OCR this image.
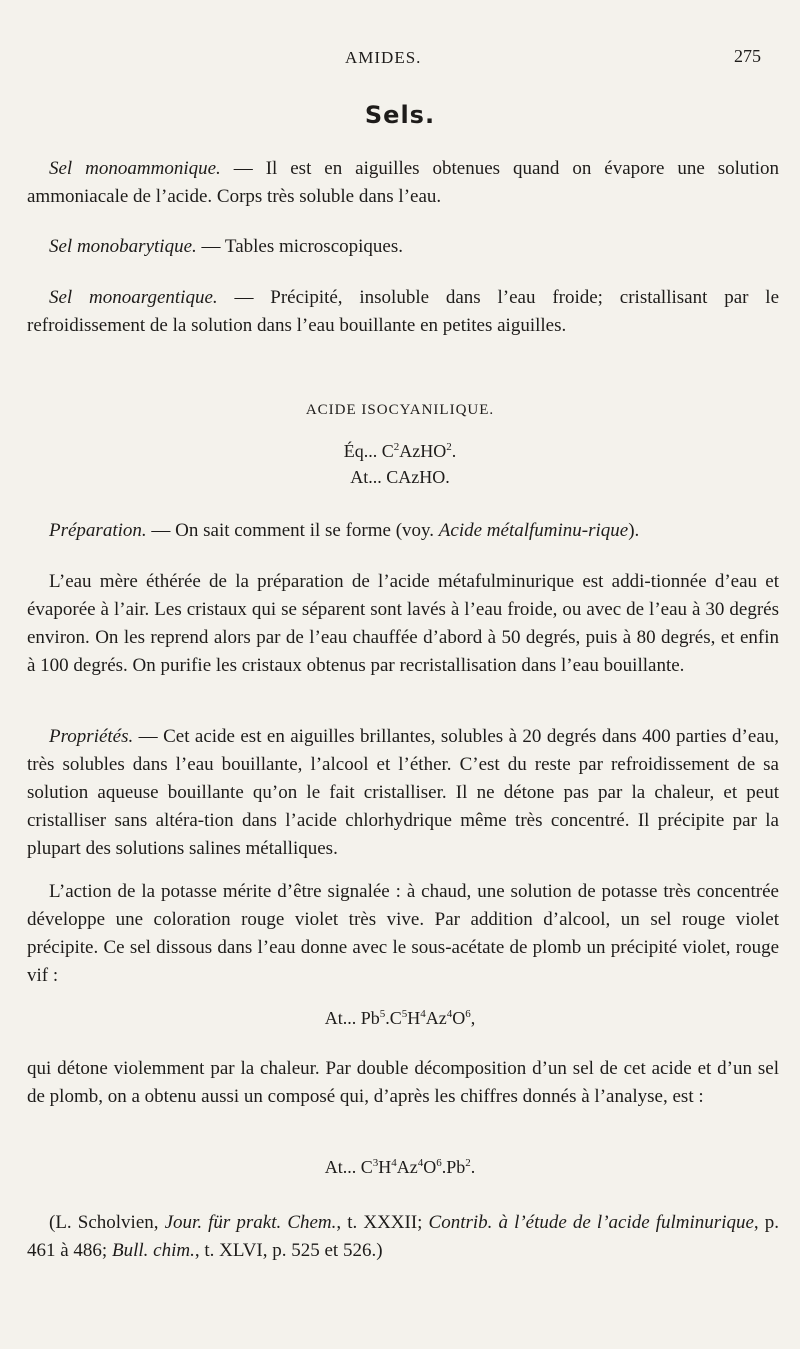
AMIDES.	275
Sels.

Sel monoammonique. — Il est en aiguilles obtenues quand on évapore une solution ammoniacale de l’acide. Corps très soluble dans l’eau.

Sel monobarytique. — Tables microscopiques.

Sel monoargentique. — Précipité, insoluble dans l’eau froide; cristallisant par le refroidissement de la solution dans l’eau bouillante en petites aiguilles.

ACIDE ISOCYANILIQUE.
Éq... $C^2AzHO^2$.
At... CAzHO.

Préparation. — On sait comment il se forme (voy. Acide métalfuminu-rique).

L’eau mère éthérée de la préparation de l’acide métafulminurique est addi-tionnée d’eau et évaporée à l’air. Les cristaux qui se séparent sont lavés à l’eau froide, ou avec de l’eau à 30 degrés environ. On les reprend alors par de l’eau chauffée d’abord à 50 degrés, puis à 80 degrés, et enfin à 100 degrés. On purifie les cristaux obtenus par recristallisation dans l’eau bouillante.

Propriétés. — Cet acide est en aiguilles brillantes, solubles à 20 degrés dans 400 parties d’eau, très solubles dans l’eau bouillante, l’alcool et l’éther. C’est du reste par refroidissement de sa solution aqueuse bouillante qu’on le fait cristalliser. Il ne détone pas par la chaleur, et peut cristalliser sans altéra-tion dans l’acide chlorhydrique même très concentré. Il précipite par la plupart des solutions salines métalliques.

L’action de la potasse mérite d’être signalée : à chaud, une solution de potasse très concentrée développe une coloration rouge violet très vive. Par addition d’alcool, un sel rouge violet précipite. Ce sel dissous dans l’eau donne avec le sous-acétate de plomb un précipité violet, rouge vif :

At... $Pb^5.C^5H^4Az^4O^6$,

qui détone violemment par la chaleur. Par double décomposition d’un sel de cet acide et d’un sel de plomb, on a obtenu aussi un composé qui, d’après les chiffres donnés à l’analyse, est :

At... $C^3H^4Az^4O^6.Pb^2$.

(L. Scholvien, Jour. für prakt. Chem., t. XXXII; Contrib. à l’étude de l’acide fulminurique, p. 461 à 486; Bull. chim., t. XLVI, p. 525 et 526.)
